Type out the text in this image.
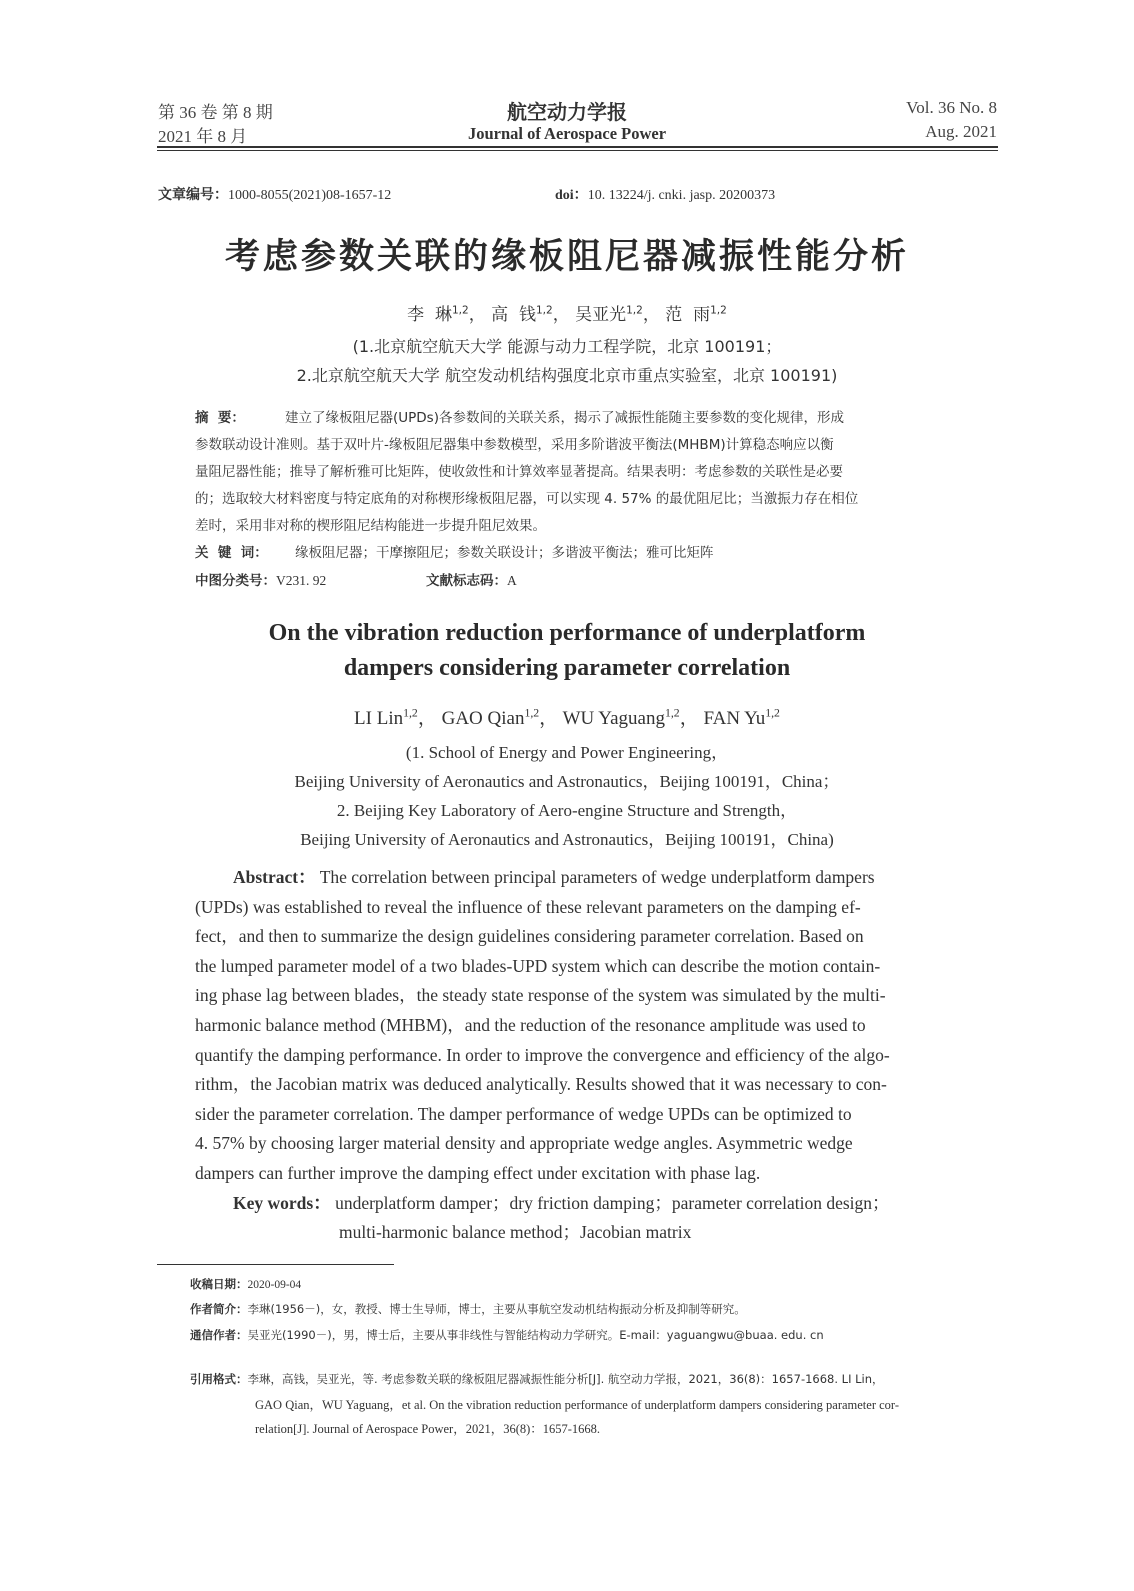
第 36 卷 第 8 期
2021 年 8 月
航空动力学报
Journal of Aerospace Power
Vol. 36 No. 8
Aug. 2021
文章编号：1000-8055(2021)08-1657-12	doi：10. 13224/j. cnki. jasp. 20200373
考虑参数关联的缘板阻尼器减振性能分析
李  琳$^{1,2}$， 高  钱$^{1,2}$， 吴亚光$^{1,2}$， 范  雨$^{1,2}$
(1.北京航空航天大学 能源与动力工程学院，北京 100191；
2.北京航空航天大学 航空发动机结构强度北京市重点实验室，北京 100191)
摘  要：	建立了缘板阻尼器(UPDs)各参数间的关联关系，揭示了减振性能随主要参数的变化规律，形成
参数联动设计准则。基于双叶片-缘板阻尼器集中参数模型，采用多阶谐波平衡法(MHBM)计算稳态响应以衡
量阻尼器性能；推导了解析雅可比矩阵，使收敛性和计算效率显著提高。结果表明：考虑参数的关联性是必要
的；选取较大材料密度与特定底角的对称楔形缘板阻尼器，可以实现 4. 57% 的最优阻尼比；当激振力存在相位
差时，采用非对称的楔形阻尼结构能进一步提升阻尼效果。
关  键  词： 缘板阻尼器；干摩擦阻尼；参数关联设计；多谐波平衡法；雅可比矩阵
中图分类号：V231. 92	文献标志码：A
On the vibration reduction performance of underplatform
dampers considering parameter correlation
LI Lin$^{1,2}$， GAO Qian$^{1,2}$， WU Yaguang$^{1,2}$， FAN Yu$^{1,2}$
(1. School of Energy and Power Engineering，
Beijing University of Aeronautics and Astronautics，Beijing 100191，China；
2. Beijing Key Laboratory of Aero-engine Structure and Strength，
Beijing University of Aeronautics and Astronautics，Beijing 100191，China)
Abstract： The correlation between principal parameters of wedge underplatform dampers
(UPDs) was established to reveal the influence of these relevant parameters on the damping ef-
fect，and then to summarize the design guidelines considering parameter correlation. Based on
the lumped parameter model of a two blades-UPD system which can describe the motion contain-
ing phase lag between blades，the steady state response of the system was simulated by the multi-
harmonic balance method (MHBM)，and the reduction of the resonance amplitude was used to
quantify the damping performance. In order to improve the convergence and efficiency of the algo-
rithm，the Jacobian matrix was deduced analytically. Results showed that it was necessary to con-
sider the parameter correlation. The damper performance of wedge UPDs can be optimized to
4. 57% by choosing larger material density and appropriate wedge angles. Asymmetric wedge
dampers can further improve the damping effect under excitation with phase lag.
Key words： underplatform damper；dry friction damping；parameter correlation design；
multi-harmonic balance method；Jacobian matrix
收稿日期：2020-09-04
作者简介：李琳(1956－)，女，教授、博士生导师，博士，主要从事航空发动机结构振动分析及抑制等研究。
通信作者：吴亚光(1990－)，男，博士后，主要从事非线性与智能结构动力学研究。E-mail：yaguangwu@buaa. edu. cn
引用格式：李琳，高钱，吴亚光，等. 考虑参数关联的缘板阻尼器减振性能分析[J]. 航空动力学报，2021，36(8)：1657-1668. LI Lin，
GAO Qian，WU Yaguang，et al. On the vibration reduction performance of underplatform dampers considering parameter cor-
relation[J]. Journal of Aerospace Power，2021，36(8)：1657-1668.
